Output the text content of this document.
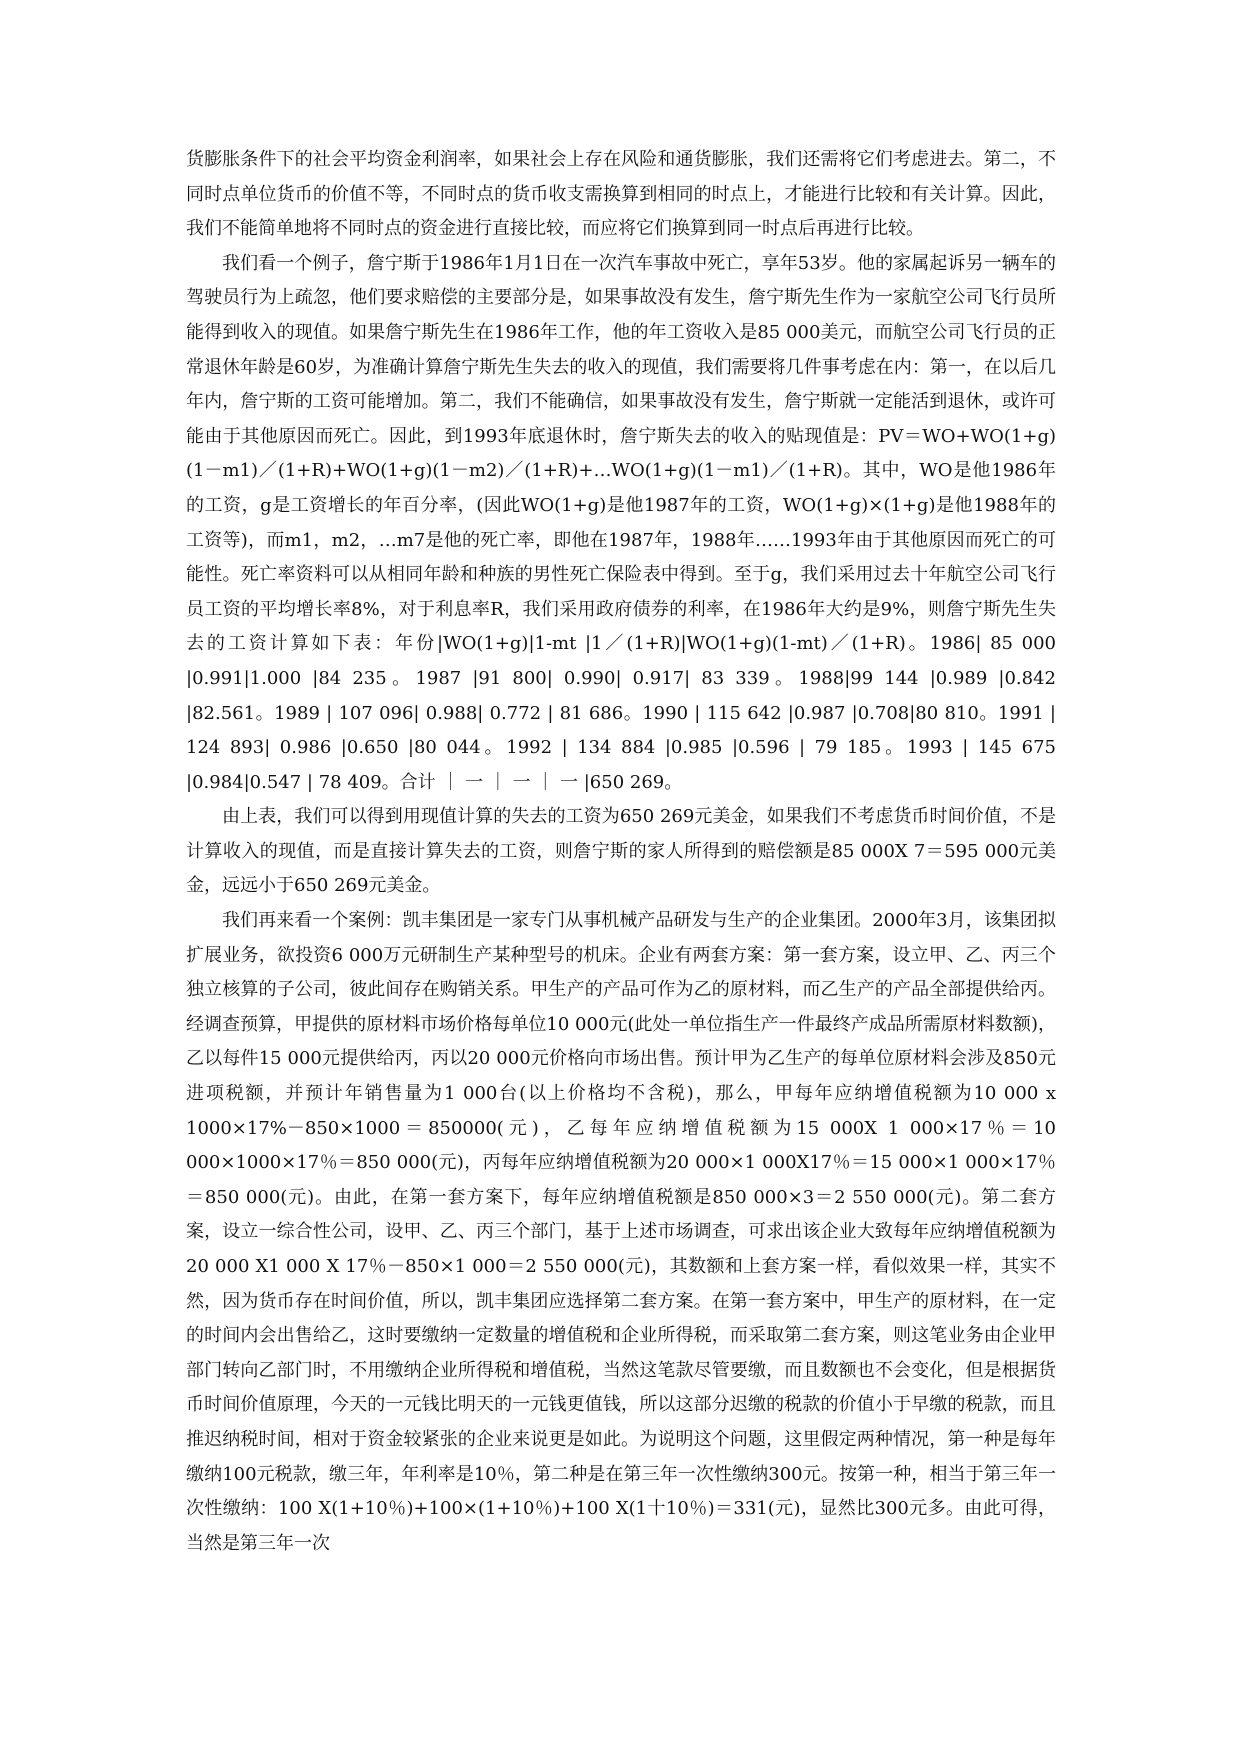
货膨胀条件下的社会平均资金利润率，如果社会上存在风险和通货膨胀，我们还需将它们考虑进去。第二，不同时点单位货币的价值不等，不同时点的货币收支需换算到相同的时点上，才能进行比较和有关计算。因此，我们不能简单地将不同时点的资金进行直接比较，而应将它们换算到同一时点后再进行比较。

我们看一个例子，詹宁斯于1986年1月1日在一次汽车事故中死亡，享年53岁。他的家属起诉另一辆车的驾驶员行为上疏忽，他们要求赔偿的主要部分是，如果事故没有发生，詹宁斯先生作为一家航空公司飞行员所能得到收入的现值。如果詹宁斯先生在1986年工作，他的年工资收入是85 000美元，而航空公司飞行员的正常退休年龄是60岁，为准确计算詹宁斯先生失去的收入的现值，我们需要将几件事考虑在内：第一，在以后几年内，詹宁斯的工资可能增加。第二，我们不能确信，如果事故没有发生，詹宁斯就一定能活到退休，或许可能由于其他原因而死亡。因此，到1993年底退休时，詹宁斯失去的收入的贴现值是：PV＝WO+WO(1+g)(1－m1)／(1+R)+WO(1+g)(1－m2)／(1+R)+…WO(1+g)(1－m1)／(1+R)。其中，WO是他1986年的工资，g是工资增长的年百分率，(因此WO(1+g)是他1987年的工资，WO(1+g)×(1+g)是他1988年的工资等)，而m1，m2，…m7是他的死亡率，即他在1987年，1988年……1993年由于其他原因而死亡的可能性。死亡率资料可以从相同年龄和种族的男性死亡保险表中得到。至于g，我们采用过去十年航空公司飞行员工资的平均增长率8%，对于利息率R，我们采用政府债券的利率，在1986年大约是9%，则詹宁斯先生失去的工资计算如下表：年份|WO(1+g)|1-mt |1／(1+R)|WO(1+g)(1-mt)／(1+R)。1986| 85 000 |0.991|1.000 |84 235。1987 |91 800| 0.990| 0.917| 83 339。1988|99 144 |0.989 |0.842 |82.561。1989 | 107 096| 0.988| 0.772 | 81 686。1990 | 115 642 |0.987 |0.708|80 810。1991 | 124 893| 0.986 |0.650 |80 044。1992 | 134 884 |0.985 |0.596 | 79 185。1993 | 145 675 |0.984|0.547 | 78 409。合计 ｜ 一 ｜ 一 ｜ 一 |650 269。

由上表，我们可以得到用现值计算的失去的工资为650 269元美金，如果我们不考虑货币时间价值，不是计算收入的现值，而是直接计算失去的工资，则詹宁斯的家人所得到的赔偿额是85 000X 7＝595 000元美金，远远小于650 269元美金。

我们再来看一个案例：凯丰集团是一家专门从事机械产品研发与生产的企业集团。2000年3月，该集团拟扩展业务，欲投资6 000万元研制生产某种型号的机床。企业有两套方案：第一套方案，设立甲、乙、丙三个独立核算的子公司，彼此间存在购销关系。甲生产的产品可作为乙的原材料，而乙生产的产品全部提供给丙。经调查预算，甲提供的原材料市场价格每单位10 000元(此处一单位指生产一件最终产成品所需原材料数额)，乙以每件15 000元提供给丙，丙以20 000元价格向市场出售。预计甲为乙生产的每单位原材料会涉及850元进项税额，并预计年销售量为1 000台(以上价格均不含税)，那么，甲每年应纳增值税额为10 000 x 1000×17%－850×1000＝850000(元)，乙每年应纳增值税额为15 000X 1 000×17％＝10 000×1000×17％＝850 000(元)，丙每年应纳增值税额为20 000×1 000X17％＝15 000×1 000×17％＝850 000(元)。由此，在第一套方案下，每年应纳增值税额是850 000×3＝2 550 000(元)。第二套方案，设立一综合性公司，设甲、乙、丙三个部门，基于上述市场调查，可求出该企业大致每年应纳增值税额为20 000 X1 000 X 17％－850×1 000＝2 550 000(元)，其数额和上套方案一样，看似效果一样，其实不然，因为货币存在时间价值，所以，凯丰集团应选择第二套方案。在第一套方案中，甲生产的原材料，在一定的时间内会出售给乙，这时要缴纳一定数量的增值税和企业所得税，而采取第二套方案，则这笔业务由企业甲部门转向乙部门时，不用缴纳企业所得税和增值税，当然这笔款尽管要缴，而且数额也不会变化，但是根据货币时间价值原理，今天的一元钱比明天的一元钱更值钱，所以这部分迟缴的税款的价值小于早缴的税款，而且推迟纳税时间，相对于资金较紧张的企业来说更是如此。为说明这个问题，这里假定两种情况，第一种是每年缴纳100元税款，缴三年，年利率是10％，第二种是在第三年一次性缴纳300元。按第一种，相当于第三年一次性缴纳：100 X(1+10％)+100×(1+10％)+100 X(1十10％)＝331(元)，显然比300元多。由此可得，当然是第三年一次
